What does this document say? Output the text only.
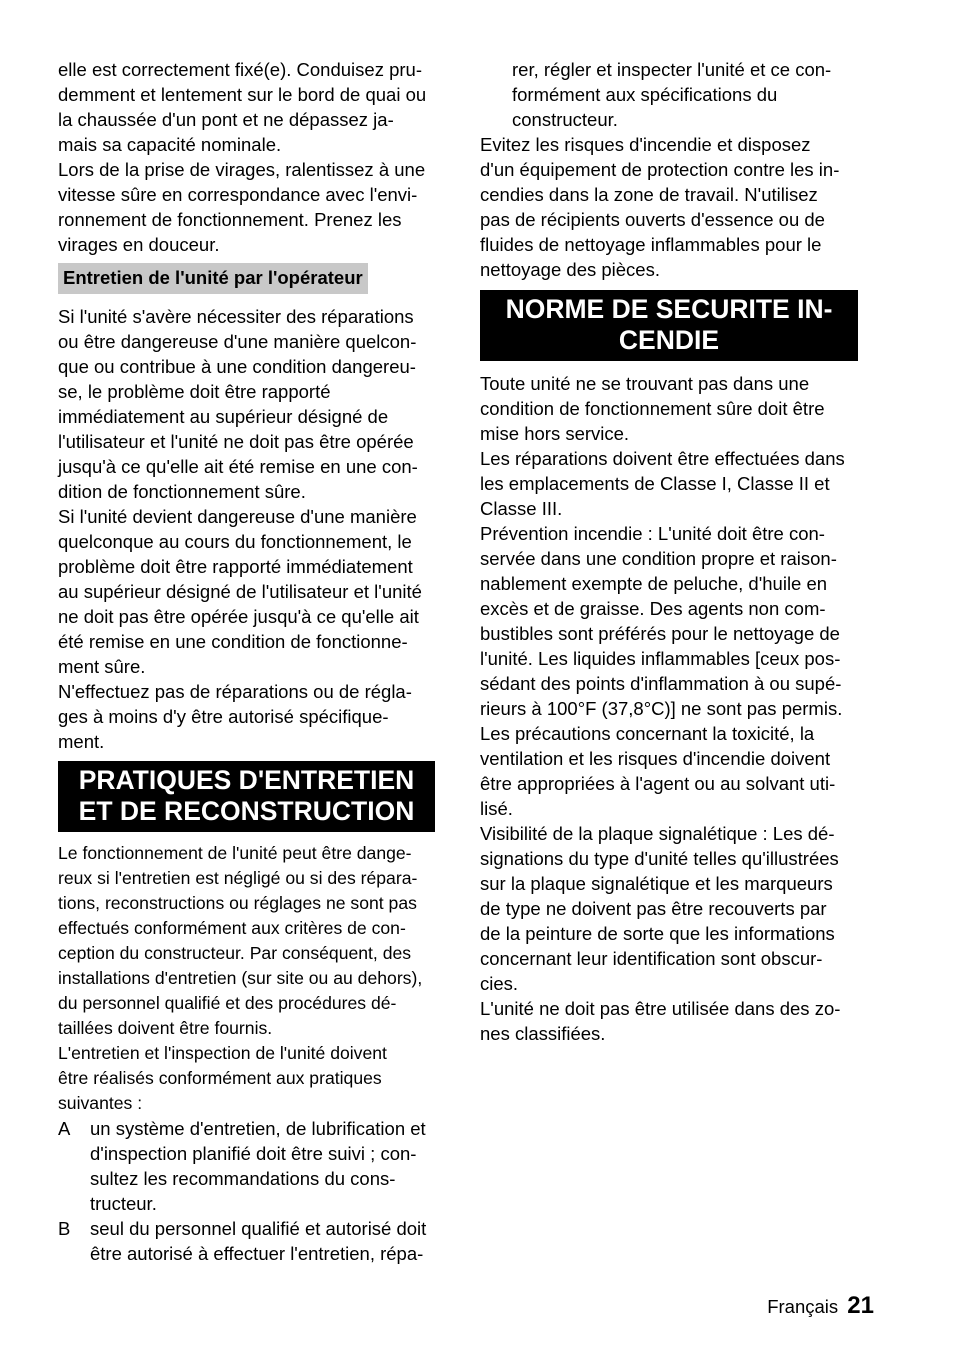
elle est correctement fixé(e). Conduisez pru-
demment et lentement sur le bord de quai ou
la chaussée d'un pont et ne dépassez ja-
mais sa capacité nominale.
Lors de la prise de virages, ralentissez à une
vitesse sûre en correspondance avec l'envi-
ronnement de fonctionnement. Prenez les
virages en douceur.
Entretien de l'unité par l'opérateur
Si l'unité s'avère nécessiter des réparations
ou être dangereuse d'une manière quelcon-
que ou contribue à une condition dangereu-
se, le problème doit être rapporté
immédiatement au supérieur désigné de
l'utilisateur et l'unité ne doit pas être opérée
jusqu'à ce qu'elle ait été remise en une con-
dition de fonctionnement sûre.
Si l'unité devient dangereuse d'une manière
quelconque au cours du fonctionnement, le
problème doit être rapporté immédiatement
au supérieur désigné de l'utilisateur et l'unité
ne doit pas être opérée jusqu'à ce qu'elle ait
été remise en une condition de fonctionne-
ment sûre.
N'effectuez pas de réparations ou de régla-
ges à moins d'y être autorisé spécifique-
ment.
PRATIQUES D'ENTRETIEN
ET DE RECONSTRUCTION
Le fonctionnement de l'unité peut être dange-
reux si l'entretien est négligé ou si des répara-
tions, reconstructions ou réglages ne sont pas
effectués conformément aux critères de con-
ception du constructeur. Par conséquent, des
installations d'entretien (sur site ou au dehors),
du personnel qualifié et des procédures dé-
taillées doivent être fournis.
L'entretien et l'inspection de l'unité doivent
être réalisés conformément aux pratiques
suivantes :
A un système d'entretien, de lubrification et
d'inspection planifié doit être suivi ; con-
sultez les recommandations du cons-
tructeur.
B seul du personnel qualifié et autorisé doit
être autorisé à effectuer l'entretien, répa-
rer, régler et inspecter l'unité et ce con-
formément aux spécifications du
constructeur.
Evitez les risques d'incendie et disposez
d'un équipement de protection contre les in-
cendies dans la zone de travail. N'utilisez
pas de récipients ouverts d'essence ou de
fluides de nettoyage inflammables pour le
nettoyage des pièces.
NORME DE SECURITE IN-
CENDIE
Toute unité ne se trouvant pas dans une
condition de fonctionnement sûre doit être
mise hors service.
Les réparations doivent être effectuées dans
les emplacements de Classe I, Classe II et
Classe III.
Prévention incendie : L'unité doit être con-
servée dans une condition propre et raison-
nablement exempte de peluche, d'huile en
excès et de graisse. Des agents non com-
bustibles sont préférés pour le nettoyage de
l'unité. Les liquides inflammables [ceux pos-
sédant des points d'inflammation à ou supé-
rieurs à 100°F (37,8°C)] ne sont pas permis.
Les précautions concernant la toxicité, la
ventilation et les risques d'incendie doivent
être appropriées à l'agent ou au solvant uti-
lisé.
Visibilité de la plaque signalétique : Les dé-
signations du type d'unité telles qu'illustrées
sur la plaque signalétique et les marqueurs
de type ne doivent pas être recouverts par
de la peinture de sorte que les informations
concernant leur identification sont obscur-
cies.
L'unité ne doit pas être utilisée dans des zo-
nes classifiées.
Français 21
